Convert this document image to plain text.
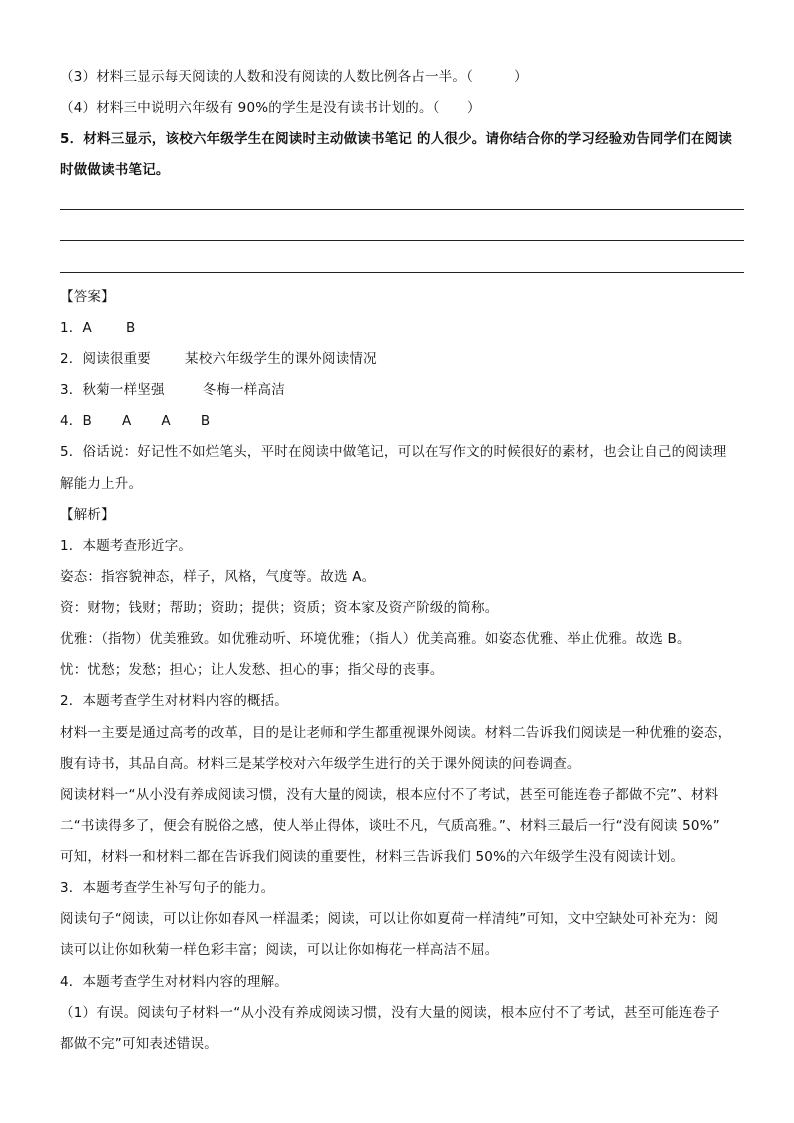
（3）材料三显示每天阅读的人数和没有阅读的人数比例各占一半。（　　　）
（4）材料三中说明六年级有 90%的学生是没有读书计划的。（　　）
5．材料三显示，该校六年级学生在阅读时主动做读书笔记 的人很少。请你结合你的学习经验劝告同学们在阅读
时做做读书笔记。
【答案】
1．A	B
2．阅读很重要	某校六年级学生的课外阅读情况
3．秋菊一样坚强	冬梅一样高洁
4．B A A B
5．俗话说：好记性不如烂笔头，平时在阅读中做笔记，可以在写作文的时候很好的素材，也会让自己的阅读理
解能力上升。
【解析】
1．本题考查形近字。
姿态：指容貌神态，样子，风格，气度等。故选 A。
资：财物；钱财；帮助；资助；提供；资质；资本家及资产阶级的简称。
优雅：（指物）优美雅致。如优雅动听、环境优雅；（指人）优美高雅。如姿态优雅、举止优雅。故选 B。
忧：忧愁；发愁；担心；让人发愁、担心的事；指父母的丧事。
2．本题考查学生对材料内容的概括。
材料一主要是通过高考的改革，目的是让老师和学生都重视课外阅读。材料二告诉我们阅读是一种优雅的姿态，
腹有诗书，其品自高。材料三是某学校对六年级学生进行的关于课外阅读的问卷调查。
阅读材料一“从小没有养成阅读习惯，没有大量的阅读，根本应付不了考试，甚至可能连卷子都做不完”、材料
二“书读得多了，便会有脱俗之感，使人举止得体，谈吐不凡，气质高雅。”、材料三最后一行“没有阅读 50%”
可知，材料一和材料二都在告诉我们阅读的重要性，材料三告诉我们 50%的六年级学生没有阅读计划。
3．本题考查学生补写句子的能力。
阅读句子“阅读，可以让你如春风一样温柔；阅读，可以让你如夏荷一样清纯”可知，文中空缺处可补充为：阅
读可以让你如秋菊一样色彩丰富；阅读，可以让你如梅花一样高洁不屈。
4．本题考查学生对材料内容的理解。
（1）有误。阅读句子材料一“从小没有养成阅读习惯，没有大量的阅读，根本应付不了考试，甚至可能连卷子
都做不完”可知表述错误。
